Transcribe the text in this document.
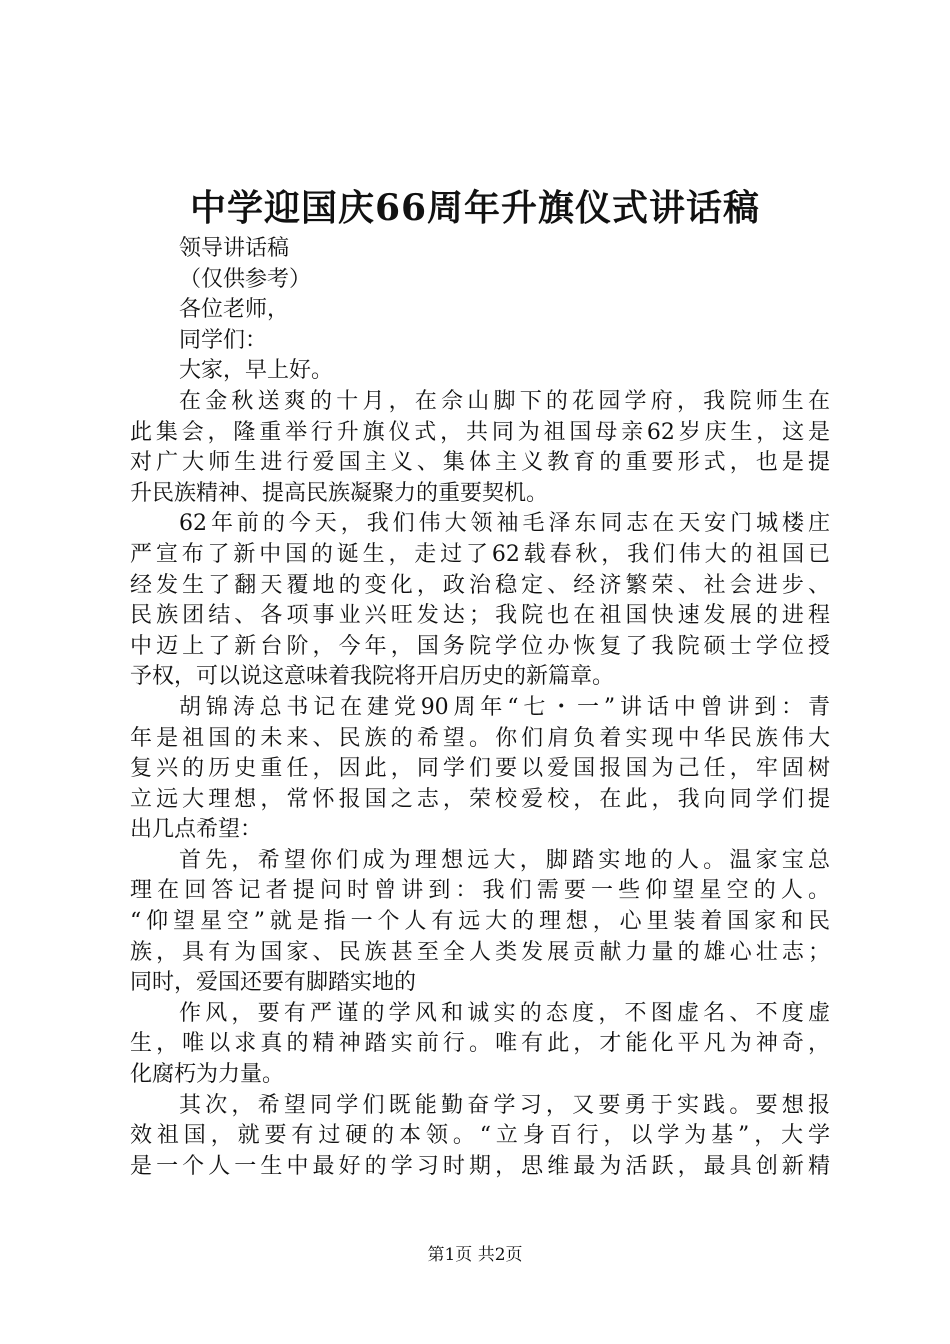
中学迎国庆66周年升旗仪式讲话稿

领导讲话稿

（仅供参考）

各位老师，

同学们：

大家，早上好。

在金秋送爽的十月，在佘山脚下的花园学府，我院师生在

此集会，隆重举行升旗仪式，共同为祖国母亲62岁庆生，这是

对广大师生进行爱国主义、集体主义教育的重要形式，也是提

升民族精神、提高民族凝聚力的重要契机。

62年前的今天，我们伟大领袖毛泽东同志在天安门城楼庄

严宣布了新中国的诞生，走过了62载春秋，我们伟大的祖国已

经发生了翻天覆地的变化，政治稳定、经济繁荣、社会进步、

民族团结、各项事业兴旺发达；我院也在祖国快速发展的进程

中迈上了新台阶，今年，国务院学位办恢复了我院硕士学位授

予权，可以说这意味着我院将开启历史的新篇章。

胡锦涛总书记在建党90周年“七・一”讲话中曾讲到：青

年是祖国的未来、民族的希望。你们肩负着实现中华民族伟大

复兴的历史重任，因此，同学们要以爱国报国为己任，牢固树

立远大理想，常怀报国之志，荣校爱校，在此，我向同学们提

出几点希望：

首先，希望你们成为理想远大，脚踏实地的人。温家宝总

理在回答记者提问时曾讲到：我们需要一些仰望星空的人。

“仰望星空”就是指一个人有远大的理想，心里装着国家和民

族，具有为国家、民族甚至全人类发展贡献力量的雄心壮志；

同时，爱国还要有脚踏实地的

作风，要有严谨的学风和诚实的态度，不图虚名、不度虚

生，唯以求真的精神踏实前行。唯有此，才能化平凡为神奇，

化腐朽为力量。

其次，希望同学们既能勤奋学习，又要勇于实践。要想报

效祖国，就要有过硬的本领。“立身百行，以学为基”，大学

是一个人一生中最好的学习时期，思维最为活跃，最具创新精

第1页 共2页
